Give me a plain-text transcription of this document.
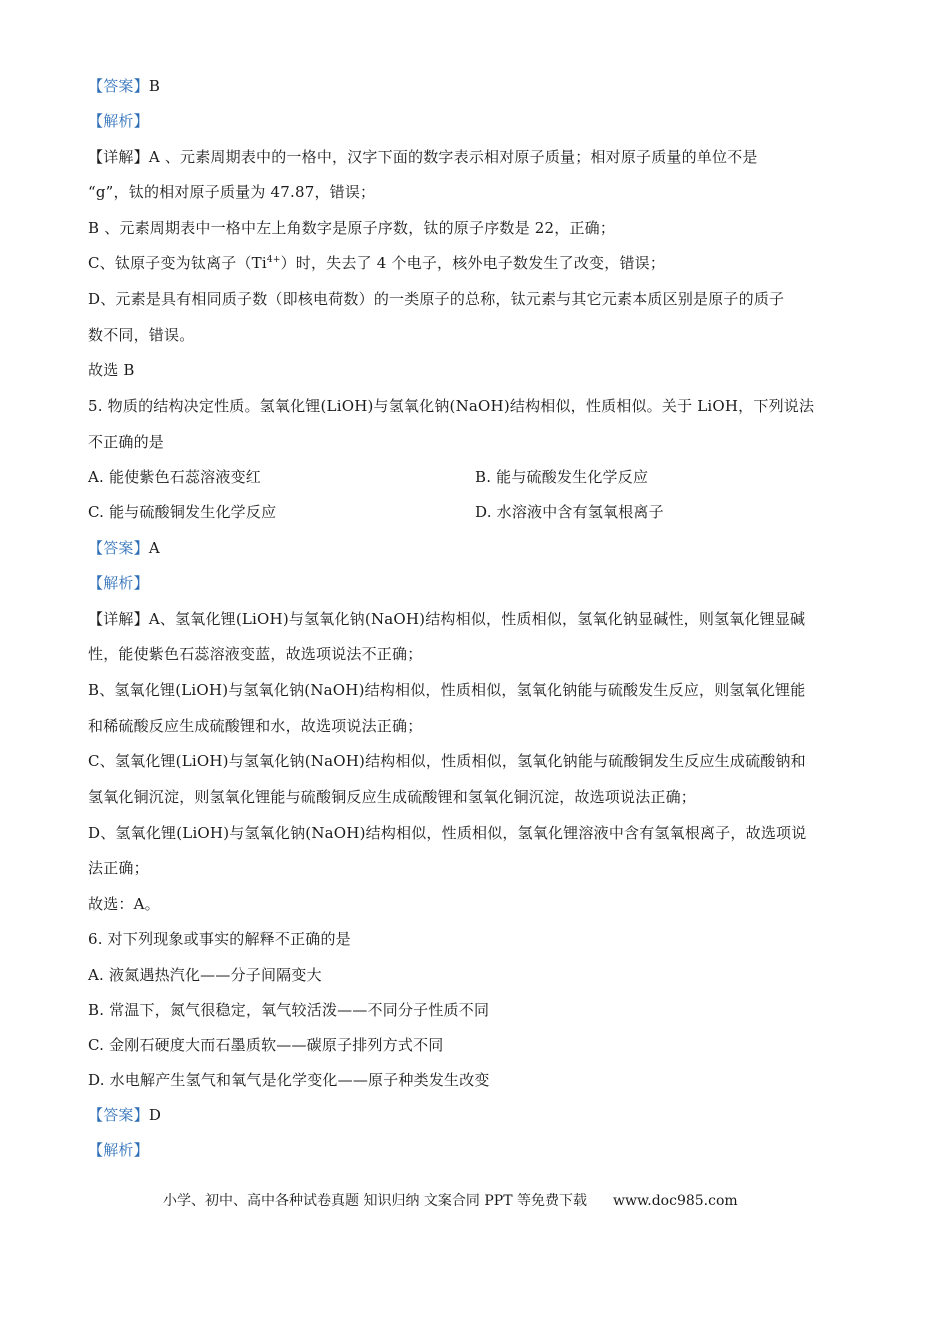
【答案】B
【解析】
【详解】A 、元素周期表中的一格中，汉字下面的数字表示相对原子质量；相对原子质量的单位不是
“g”，钛的相对原子质量为 47.87，错误；
B 、元素周期表中一格中左上角数字是原子序数，钛的原子序数是 22，正确；
C、钛原子变为钛离子$(Ti^{4+})$时，失去了 4 个电子，核外电子数发生了改变，错误；
D、元素是具有相同质子数（即核电荷数）的一类原子的总称，钛元素与其它元素本质区别是原子的质子
数不同，错误。
故选 B
5. 物质的结构决定性质。氢氧化锂(LiOH)与氢氧化钠(NaOH)结构相似，性质相似。关于 LiOH，下列说法
不正确的是
A. 能使紫色石蕊溶液变红	B. 能与硫酸发生化学反应
C. 能与硫酸铜发生化学反应	D. 水溶液中含有氢氧根离子
【答案】A
【解析】
【详解】A、氢氧化锂(LiOH)与氢氧化钠(NaOH)结构相似，性质相似，氢氧化钠显碱性，则氢氧化锂显碱
性，能使紫色石蕊溶液变蓝，故选项说法不正确；
B、氢氧化锂(LiOH)与氢氧化钠(NaOH)结构相似，性质相似，氢氧化钠能与硫酸发生反应，则氢氧化锂能
和稀硫酸反应生成硫酸锂和水，故选项说法正确；
C、氢氧化锂(LiOH)与氢氧化钠(NaOH)结构相似，性质相似，氢氧化钠能与硫酸铜发生反应生成硫酸钠和
氢氧化铜沉淀，则氢氧化锂能与硫酸铜反应生成硫酸锂和氢氧化铜沉淀，故选项说法正确；
D、氢氧化锂(LiOH)与氢氧化钠(NaOH)结构相似，性质相似，氢氧化锂溶液中含有氢氧根离子，故选项说
法正确；
故选：A。
6. 对下列现象或事实的解释不正确的是
A. 液氮遇热汽化——分子间隔变大
B. 常温下，氮气很稳定，氧气较活泼——不同分子性质不同
C. 金刚石硬度大而石墨质软——碳原子排列方式不同
D. 水电解产生氢气和氧气是化学变化——原子种类发生改变
【答案】D
【解析】
小学、初中、高中各种试卷真题 知识归纳 文案合同 PPT 等免费下载 www.doc985.com
